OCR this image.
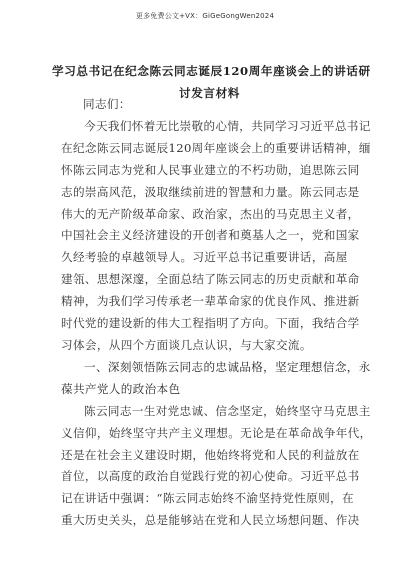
更多免费公文+VX：GiGeGongWen2024
学习总书记在纪念陈云同志诞辰120周年座谈会上的讲话研
讨发言材料

同志们：

今天我们怀着无比崇敬的心情，共同学习习近平总书记
在纪念陈云同志诞辰120周年座谈会上的重要讲话精神，缅
怀陈云同志为党和人民事业建立的不朽功勋，追思陈云同
志的崇高风范，汲取继续前进的智慧和力量。陈云同志是
伟大的无产阶级革命家、政治家，杰出的马克思主义者，
中国社会主义经济建设的开创者和奠基人之一，党和国家
久经考验的卓越领导人。习近平总书记重要讲话，高屋
建瓴、思想深邃，全面总结了陈云同志的历史贡献和革命
精神，为我们学习传承老一辈革命家的优良作风、推进新
时代党的建设新的伟大工程指明了方向。下面，我结合学
习体会，从四个方面谈几点认识，与大家交流。

一、深刻领悟陈云同志的忠诚品格，坚定理想信念，永
葆共产党人的政治本色

陈云同志一生对党忠诚、信念坚定，始终坚守马克思主
义信仰，始终坚守共产主义理想。无论是在革命战争年代，
还是在社会主义建设时期，他始终将党和人民的利益放在
首位，以高度的政治自觉践行党的初心使命。习近平总书
记在讲话中强调：“陈云同志始终不渝坚持党性原则，在
重大历史关头，总是能够站在党和人民立场想问题、作决
